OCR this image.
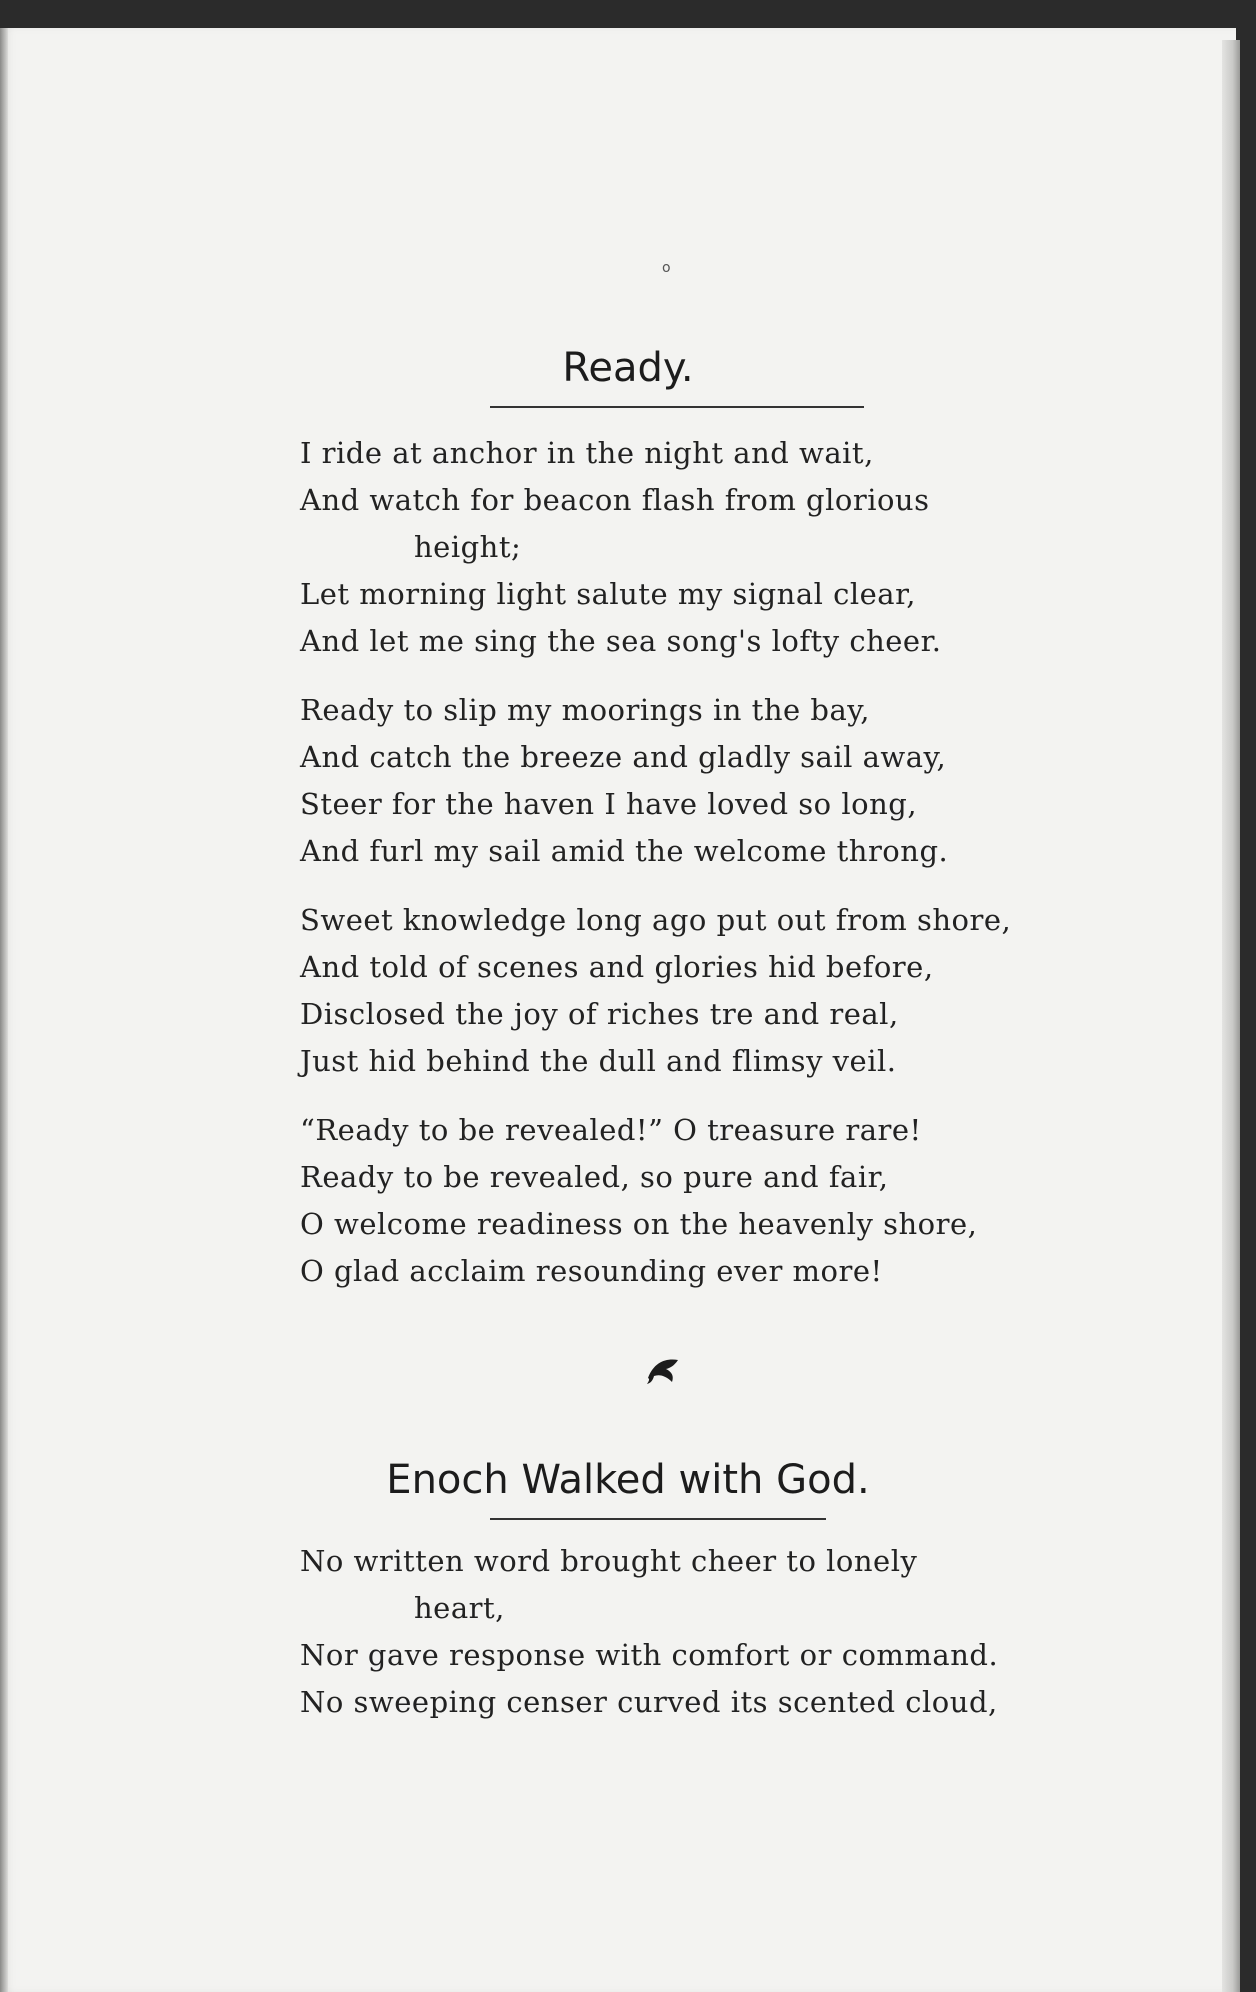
o
Ready.
I ride at anchor in the night and wait,
And watch for beacon flash from glorious
height;
Let morning light salute my signal clear,
And let me sing the sea song's lofty cheer.
Ready to slip my moorings in the bay,
And catch the breeze and gladly sail away,
Steer for the haven I have loved so long,
And furl my sail amid the welcome throng.
Sweet knowledge long ago put out from shore,
And told of scenes and glories hid before,
Disclosed the joy of riches tre and real,
Just hid behind the dull and flimsy veil.
“Ready to be revealed!” O treasure rare!
Ready to be revealed, so pure and fair,
O welcome readiness on the heavenly shore,
O glad acclaim resounding ever more!
Enoch Walked with God.
No written word brought cheer to lonely
heart,
Nor gave response with comfort or command.
No sweeping censer curved its scented cloud,
